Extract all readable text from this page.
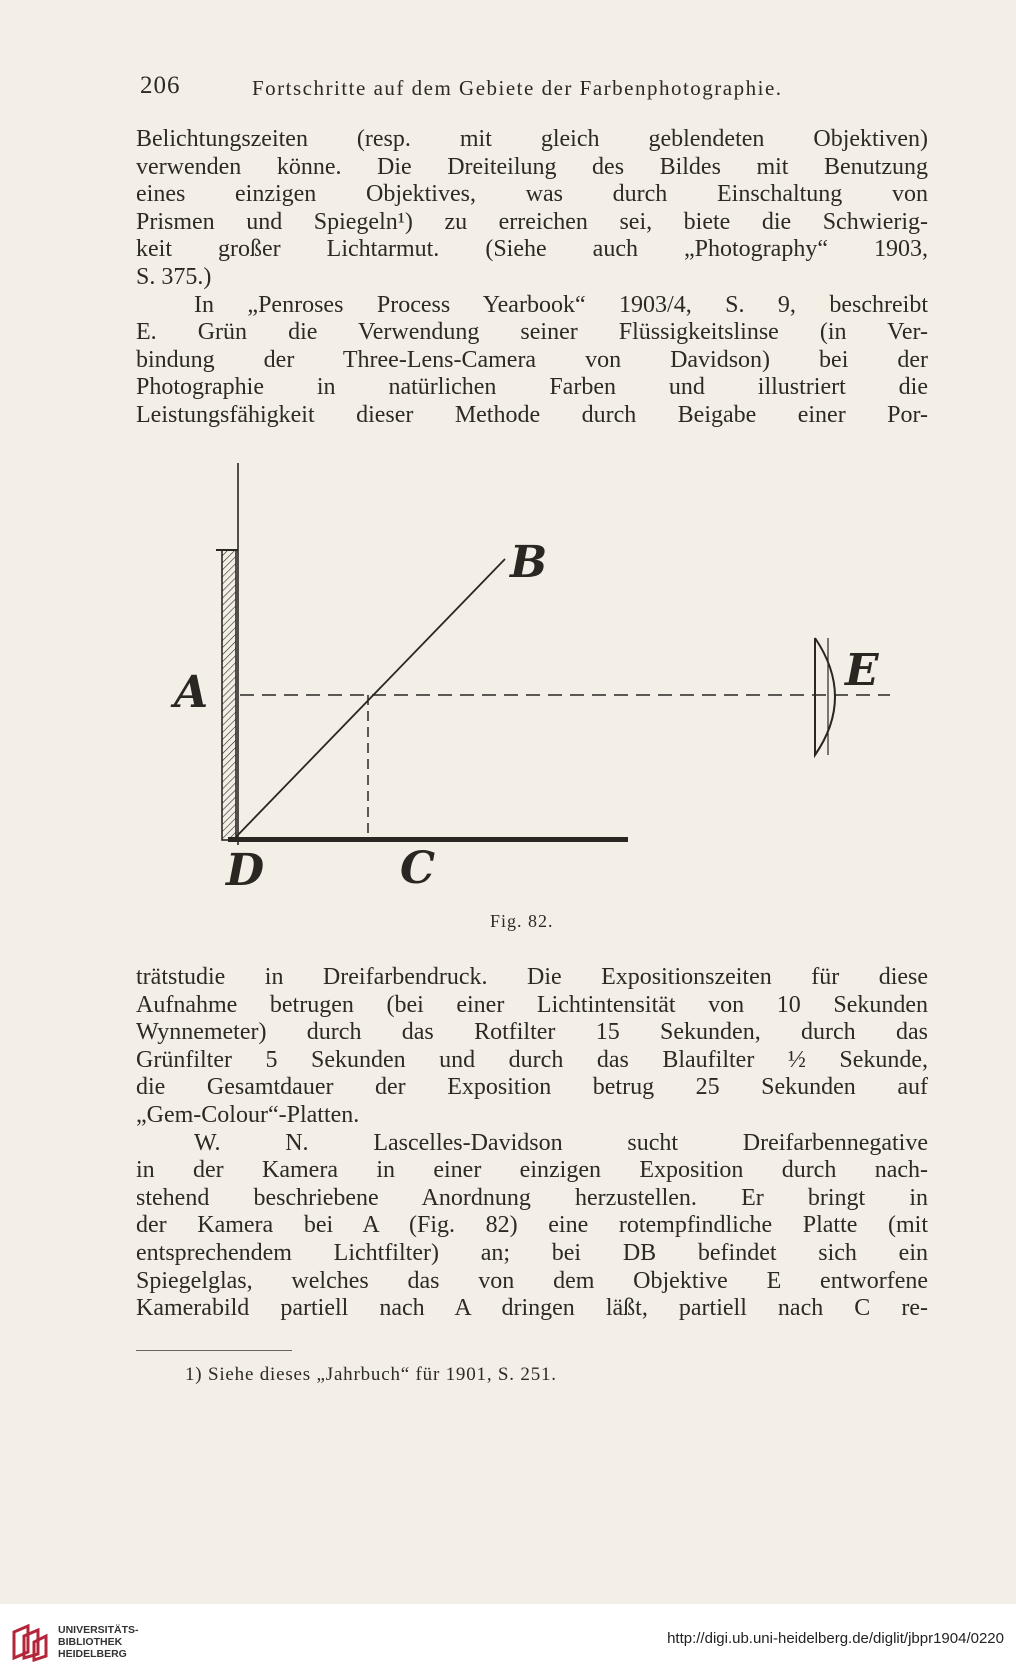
206	Fortschritte auf dem Gebiete der Farbenphotographie.
Belichtungszeiten (resp. mit gleich geblendeten Objektiven)
verwenden könne. Die Dreiteilung des Bildes mit Benutzung
eines einzigen Objektives, was durch Einschaltung von
Prismen und Spiegeln¹) zu erreichen sei, biete die Schwierig-
keit großer Lichtarmut. (Siehe auch „Photography“ 1903,
S. 375.)
In „Penroses Process Yearbook“ 1903/4, S. 9, beschreibt
E. Grün die Verwendung seiner Flüssigkeitslinse (in Ver-
bindung der Three-Lens-Camera von Davidson) bei der
Photographie in natürlichen Farben und illustriert die
Leistungsfähigkeit dieser Methode durch Beigabe einer Por-
A
B
C
D
E
Fig. 82.
trätstudie in Dreifarbendruck. Die Expositionszeiten für diese
Aufnahme betrugen (bei einer Lichtintensität von 10 Sekunden
Wynnemeter) durch das Rotfilter 15 Sekunden, durch das
Grünfilter 5 Sekunden und durch das Blaufilter ½ Sekunde,
die Gesamtdauer der Exposition betrug 25 Sekunden auf
„Gem-Colour“-Platten.
W. N. Lascelles-Davidson sucht Dreifarbennegative
in der Kamera in einer einzigen Exposition durch nach-
stehend beschriebene Anordnung herzustellen. Er bringt in
der Kamera bei A (Fig. 82) eine rotempfindliche Platte (mit
entsprechendem Lichtfilter) an; bei DB befindet sich ein
Spiegelglas, welches das von dem Objektive E entworfene
Kamerabild partiell nach A dringen läßt, partiell nach C re-
1) Siehe dieses „Jahrbuch“ für 1901, S. 251.
UNIVERSITÄTS-
BIBLIOTHEK
HEIDELBERG
http://digi.ub.uni-heidelberg.de/diglit/jbpr1904/0220
